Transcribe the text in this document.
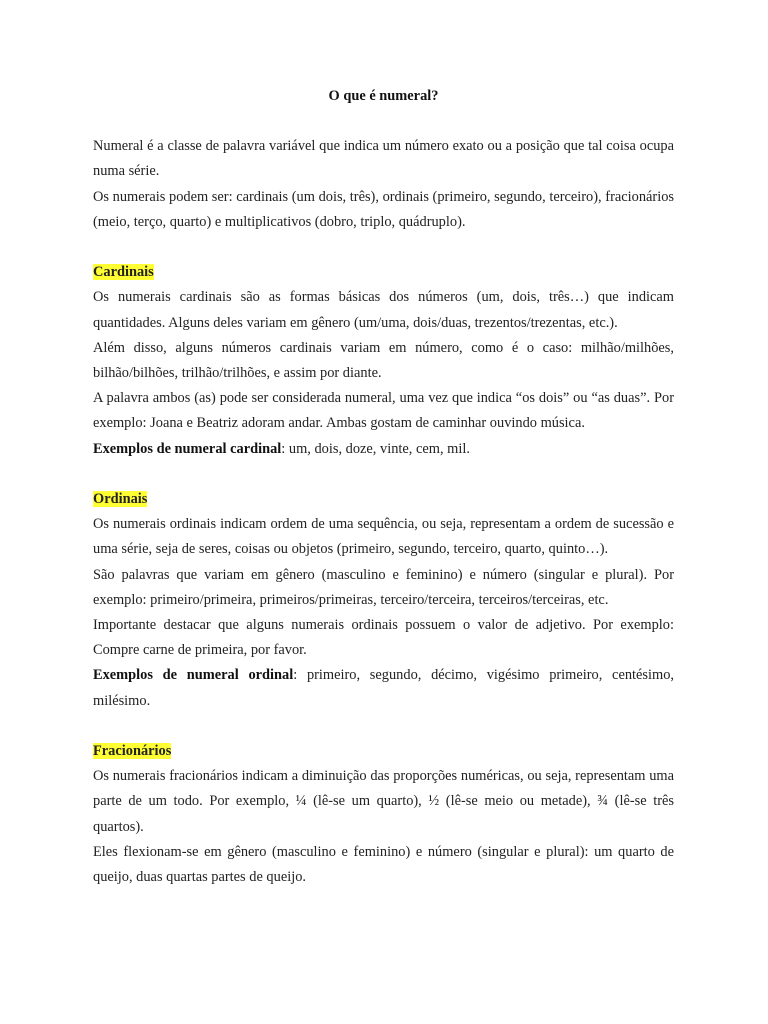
O que é numeral?

Numeral é a classe de palavra variável que indica um número exato ou a posição que tal coisa ocupa numa série.

Os numerais podem ser: cardinais (um dois, três), ordinais (primeiro, segundo, terceiro), fracionários (meio, terço, quarto) e multiplicativos (dobro, triplo, quádruplo).

Cardinais

Os numerais cardinais são as formas básicas dos números (um, dois, três…) que indicam quantidades. Alguns deles variam em gênero (um/uma, dois/duas, trezentos/trezentas, etc.).

Além disso, alguns números cardinais variam em número, como é o caso: milhão/milhões, bilhão/bilhões, trilhão/trilhões, e assim por diante.

A palavra ambos (as) pode ser considerada numeral, uma vez que indica “os dois” ou “as duas”. Por exemplo: Joana e Beatriz adoram andar. Ambas gostam de caminhar ouvindo música.

Exemplos de numeral cardinal: um, dois, doze, vinte, cem, mil.

Ordinais

Os numerais ordinais indicam ordem de uma sequência, ou seja, representam a ordem de sucessão e uma série, seja de seres, coisas ou objetos (primeiro, segundo, terceiro, quarto, quinto…).

São palavras que variam em gênero (masculino e feminino) e número (singular e plural). Por exemplo: primeiro/primeira, primeiros/primeiras, terceiro/terceira, terceiros/terceiras, etc.

Importante destacar que alguns numerais ordinais possuem o valor de adjetivo. Por exemplo: Compre carne de primeira, por favor.

Exemplos de numeral ordinal: primeiro, segundo, décimo, vigésimo primeiro, centésimo, milésimo.

Fracionários

Os numerais fracionários indicam a diminuição das proporções numéricas, ou seja, representam uma parte de um todo. Por exemplo, ¼ (lê-se um quarto), ½ (lê-se meio ou metade), ¾ (lê-se três quartos).

Eles flexionam-se em gênero (masculino e feminino) e número (singular e plural): um quarto de queijo, duas quartas partes de queijo.
